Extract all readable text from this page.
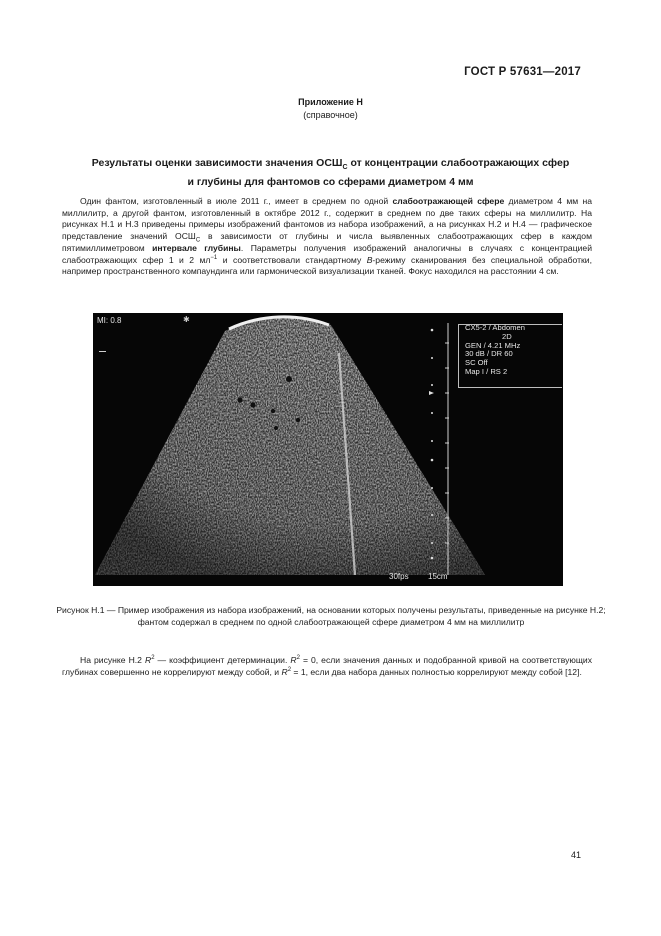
ГОСТ Р 57631—2017
Приложение Н
(справочное)
Результаты оценки зависимости значения $ОСШ_C$ от концентрации слабоотражающих сфер
и глубины для фантомов со сферами диаметром 4 мм

Один фантом, изготовленный в июле 2011 г., имеет в среднем по одной слабоотражающей сфере диаметром 4 мм на миллилитр, а другой фантом, изготовленный в октябре 2012 г., содержит в среднем по две таких сферы на миллилитр. На рисунках Н.1 и Н.3 приведены примеры изображений фантомов из набора изображений, а на рисунках Н.2 и Н.4 — графическое представление значений $ОСШ_С$ в зависимости от глубины и числа выявленных слабоотражающих сфер в каждом пятимиллиметровом интервале глубины. Параметры получения изображений аналогичны в случаях с концентрацией слабоотражающих сфер 1 и 2 $мл^{-1}$ и соответствовали стандартному B-режиму сканирования без специальной обработки, например пространственного компаундинга или гармонической визуализации тканей. Фокус находился на расстоянии 4 см.

MI: 0.8	✱
CX5-2 / Abdomen
2D
GEN / 4.21 MHz
30 dB / DR 60
SC Off
Map I / RS 2
30fps 15cm
Рисунок Н.1 — Пример изображения из набора изображений, на основании которых получены результаты, приведенные на рисунке Н.2; фантом содержал в среднем по одной слабоотражающей сфере диаметром 4 мм на миллилитр

На рисунке Н.2 $R^2$ — коэффициент детерминации. $R^2 = 0$, если значения данных и подобранной кривой на соответствующих глубинах совершенно не коррелируют между собой, и $R^2 = 1$, если два набора данных полностью коррелируют между собой [12].

41
